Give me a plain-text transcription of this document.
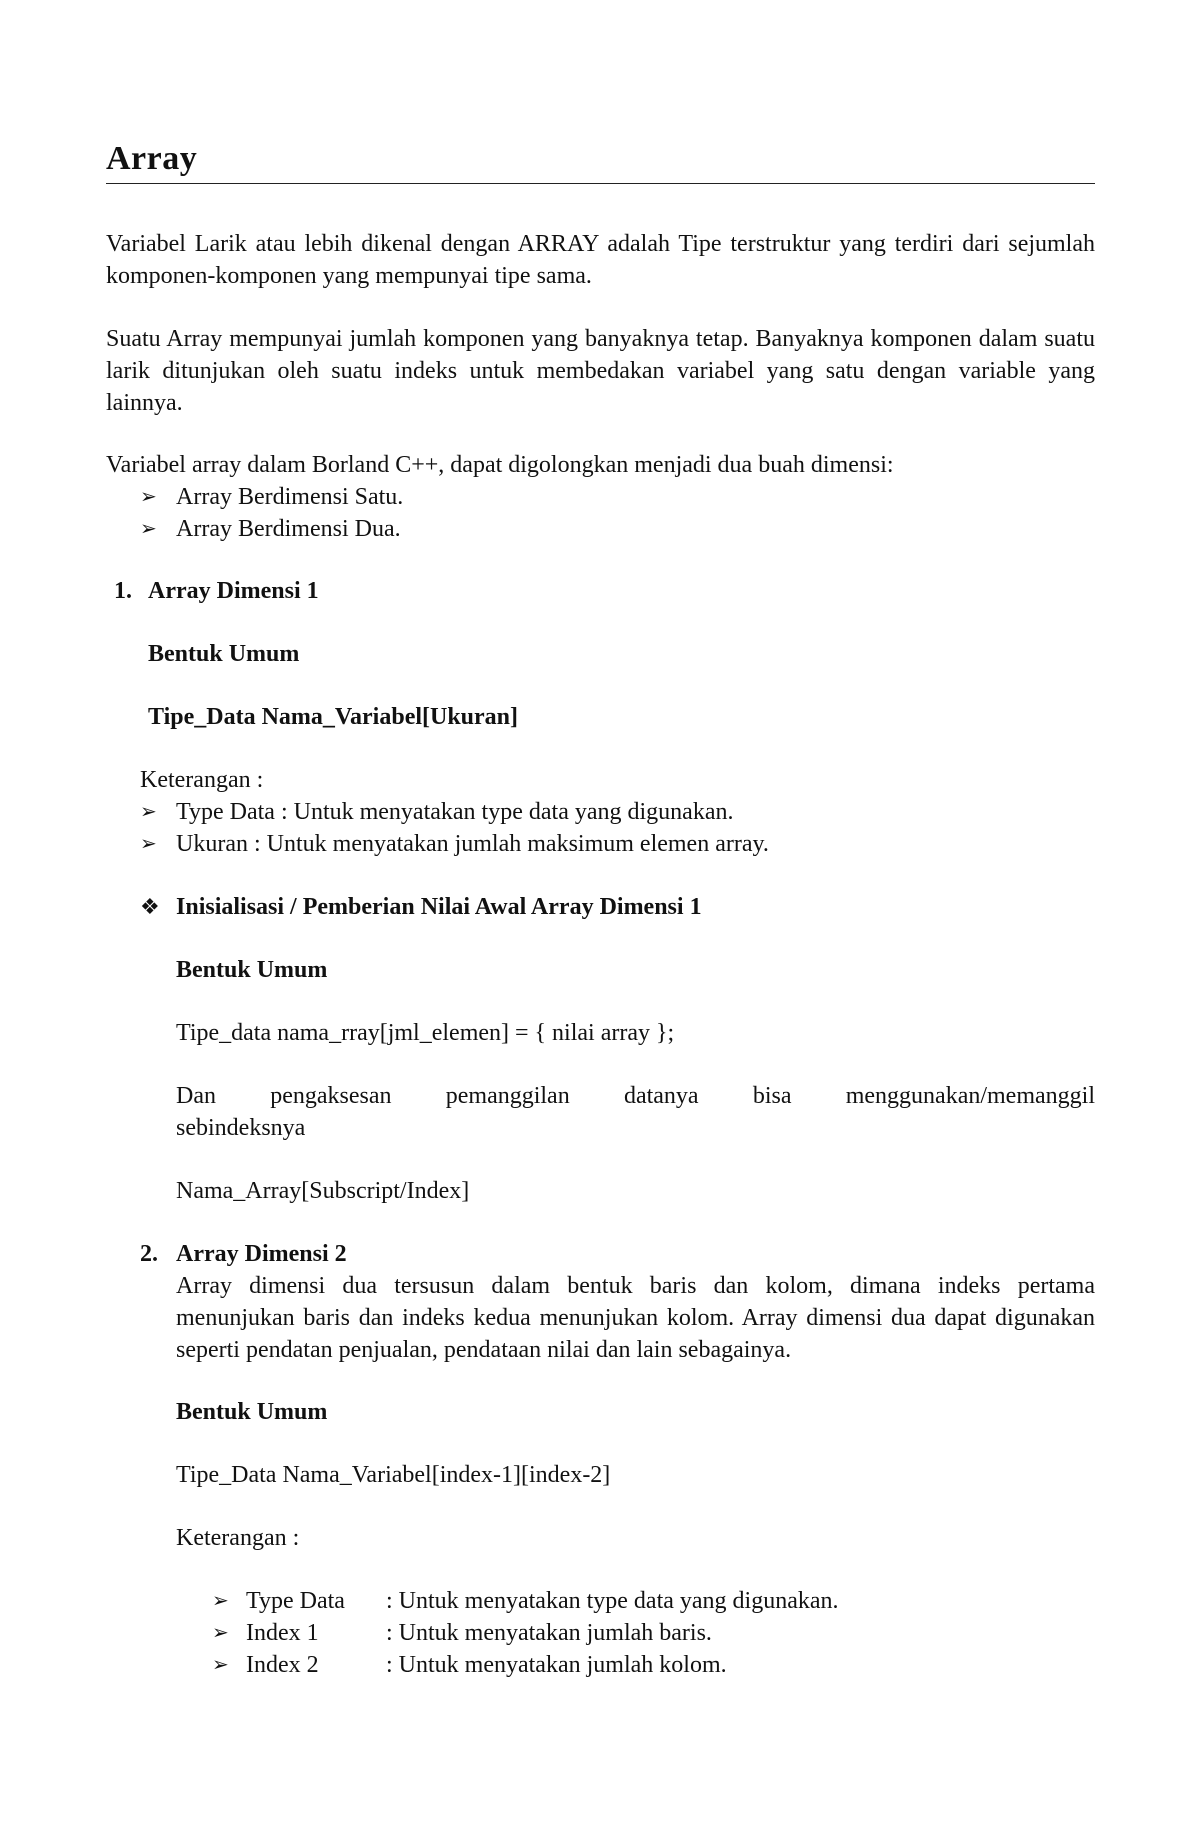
Array
Variabel Larik atau lebih dikenal dengan ARRAY adalah Tipe terstruktur yang terdiri dari sejumlah komponen-komponen yang mempunyai tipe sama.
Suatu Array mempunyai jumlah komponen yang banyaknya tetap. Banyaknya komponen dalam suatu larik ditunjukan oleh suatu indeks untuk membedakan variabel yang satu dengan variable yang lainnya.
Variabel array dalam Borland C++, dapat digolongkan menjadi dua buah dimensi:
➢ Array Berdimensi Satu.
➢ Array Berdimensi Dua.
1. Array Dimensi 1
Bentuk Umum
Tipe_Data Nama_Variabel[Ukuran]
Keterangan :
➢ Type Data : Untuk menyatakan type data yang digunakan.
➢ Ukuran : Untuk menyatakan jumlah maksimum elemen array.
❖ Inisialisasi / Pemberian Nilai Awal Array Dimensi 1
Bentuk Umum
Tipe_data nama_rray[jml_elemen] = { nilai array };
Dan pengaksesan pemanggilan datanya bisa menggunakan/memanggil
sebindeksnya
Nama_Array[Subscript/Index]
2. Array Dimensi 2
Array dimensi dua tersusun dalam bentuk baris dan kolom, dimana indeks pertama menunjukan baris dan indeks kedua menunjukan kolom. Array dimensi dua dapat digunakan seperti pendatan penjualan, pendataan nilai dan lain sebagainya.
Bentuk Umum
Tipe_Data Nama_Variabel[index-1][index-2]
Keterangan :
➢ Type Data : Untuk menyatakan type data yang digunakan.
➢ Index 1	: Untuk menyatakan jumlah baris.
➢ Index 2	: Untuk menyatakan jumlah kolom.
